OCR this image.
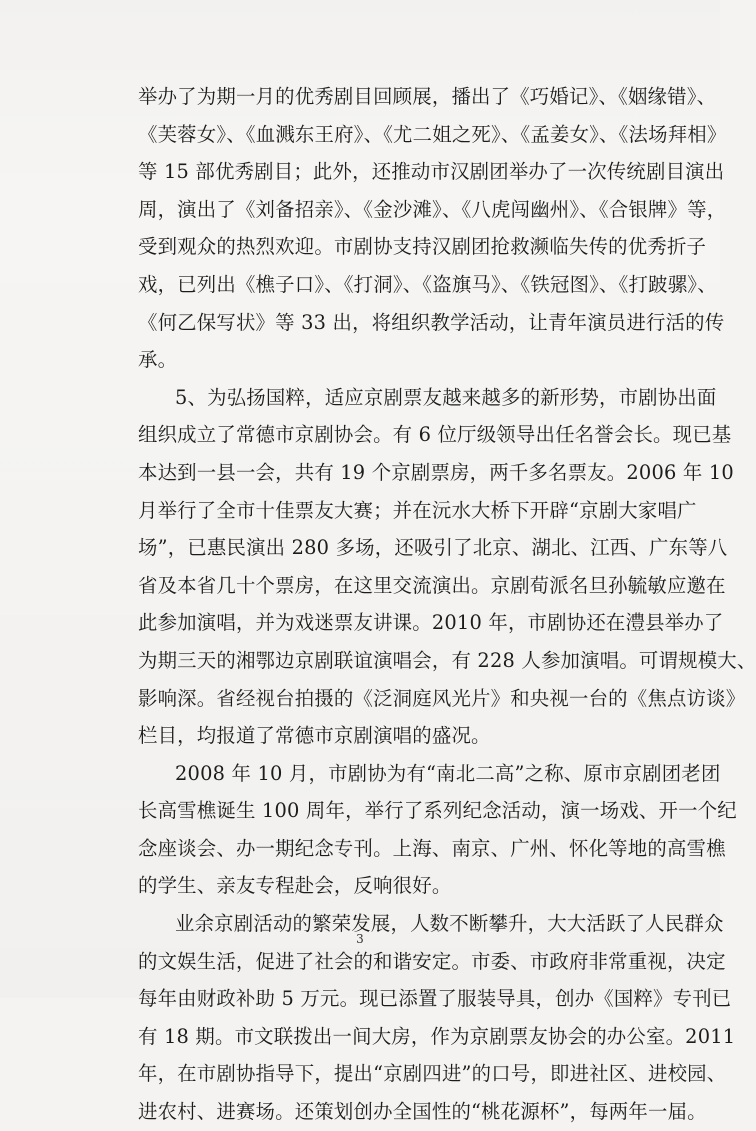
举办了为期一月的优秀剧目回顾展，播出了《巧婚记》、《姻缘错》、
《芙蓉女》、《血溅东王府》、《尤二姐之死》、《孟姜女》、《法场拜相》
等 15 部优秀剧目；此外，还推动市汉剧团举办了一次传统剧目演出
周，演出了《刘备招亲》、《金沙滩》、《八虎闯幽州》、《合银牌》等，
受到观众的热烈欢迎。市剧协支持汉剧团抢救濒临失传的优秀折子
戏，已列出《樵子口》、《打洞》、《盗旗马》、《铁冠图》、《打跛骡》、
《何乙保写状》等 33 出，将组织教学活动，让青年演员进行活的传
承。
5、为弘扬国粹，适应京剧票友越来越多的新形势，市剧协出面
组织成立了常德市京剧协会。有 6 位厅级领导出任名誉会长。现已基
本达到一县一会，共有 19 个京剧票房，两千多名票友。2006 年 10
月举行了全市十佳票友大赛；并在沅水大桥下开辟“京剧大家唱广
场”，已惠民演出 280 多场，还吸引了北京、湖北、江西、广东等八
省及本省几十个票房，在这里交流演出。京剧荀派名旦孙毓敏应邀在
此参加演唱，并为戏迷票友讲课。2010 年，市剧协还在澧县举办了
为期三天的湘鄂边京剧联谊演唱会，有 228 人参加演唱。可谓规模大、
影响深。省经视台拍摄的《泛洞庭风光片》和央视一台的《焦点访谈》
栏目，均报道了常德市京剧演唱的盛况。
2008 年 10 月，市剧协为有“南北二高”之称、原市京剧团老团
长高雪樵诞生 100 周年，举行了系列纪念活动，演一场戏、开一个纪
念座谈会、办一期纪念专刊。上海、南京、广州、怀化等地的高雪樵
的学生、亲友专程赴会，反响很好。
业余京剧活动的繁荣发展，人数不断攀升，大大活跃了人民群众
的文娱生活，促进了社会的和谐安定。市委、市政府非常重视，决定
每年由财政补助 5 万元。现已添置了服装导具，创办《国粹》专刊已
有 18 期。市文联拨出一间大房，作为京剧票友协会的办公室。2011
年，在市剧协指导下，提出“京剧四进”的口号，即进社区、进校园、
进农村、进赛场。还策划创办全国性的“桃花源杯”，每两年一届。
3
